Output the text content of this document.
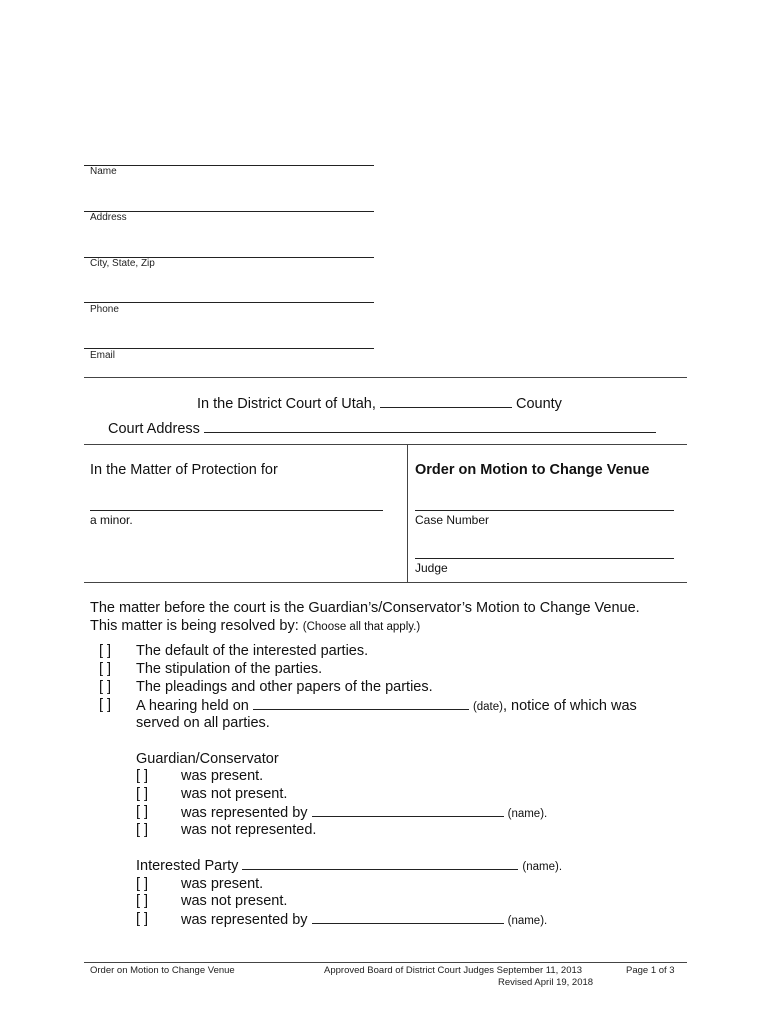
Name
Address
City, State, Zip
Phone
Email
In the District Court of Utah,	County
Court Address
In the Matter of Protection for
a minor.
Order on Motion to Change Venue
Case Number
Judge
The matter before the court is the Guardian’s/Conservator’s Motion to Change Venue.
This matter is being resolved by: (Choose all that apply.)
[ ] The default of the interested parties.
[ ] The stipulation of the parties.
[ ] The pleadings and other papers of the parties.
[ ] A hearing held on	(date), notice of which was
served on all parties.
Guardian/Conservator
[ ] was present.
[ ] was not present.
[ ] was represented by	(name).
[ ] was not represented.
Interested Party	(name).
[ ] was present.
[ ] was not present.
[ ] was represented by	(name).
Order on Motion to Change Venue	Approved Board of District Court Judges September 11, 2013
Revised April 19, 2018
Page 1 of 3
